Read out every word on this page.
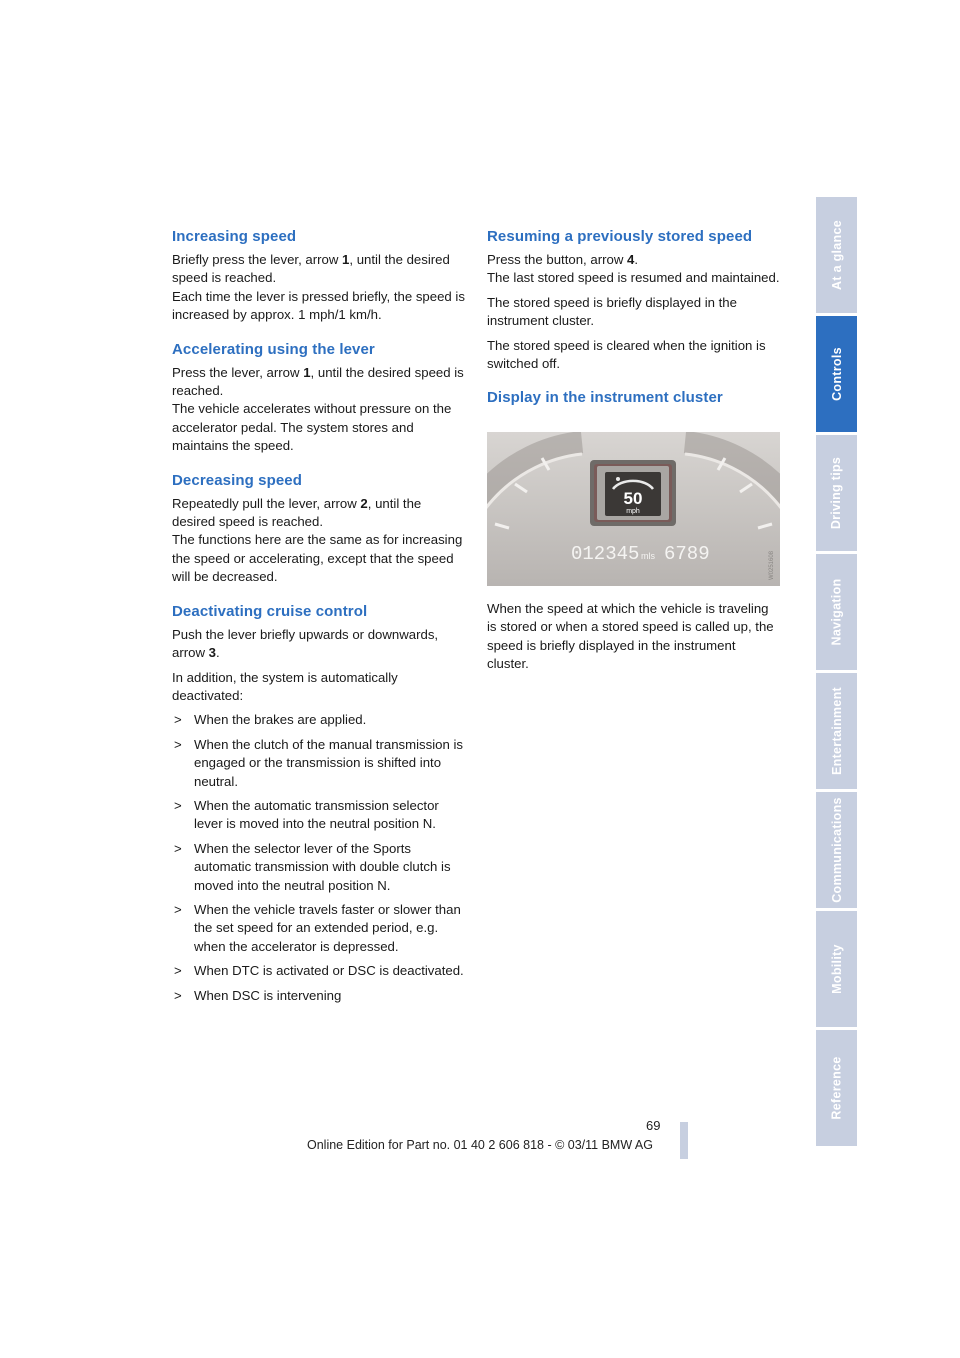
Increasing speed

Briefly press the lever, arrow 1, until the desired speed is reached.

Each time the lever is pressed briefly, the speed is increased by approx. 1 mph/1 km/h.

Accelerating using the lever

Press the lever, arrow 1, until the desired speed is reached.

The vehicle accelerates without pressure on the accelerator pedal. The system stores and maintains the speed.

Decreasing speed

Repeatedly pull the lever, arrow 2, until the desired speed is reached.

The functions here are the same as for increasing the speed or accelerating, except that the speed will be decreased.

Deactivating cruise control

Push the lever briefly upwards or downwards, arrow 3.

In addition, the system is automatically deactivated:

> When the brakes are applied.
> When the clutch of the manual transmission is engaged or the transmission is shifted into neutral.
> When the automatic transmission selector lever is moved into the neutral position N.
> When the selector lever of the Sports automatic transmission with double clutch is moved into the neutral position N.
> When the vehicle travels faster or slower than the set speed for an extended period, e.g. when the accelerator is depressed.
> When DTC is activated or DSC is deactivated.
> When DSC is intervening
Resuming a previously stored speed

Press the button, arrow 4.

The last stored speed is resumed and maintained.

The stored speed is briefly displayed in the instrument cluster.

The stored speed is cleared when the ignition is switched off.

Display in the instrument cluster
50
mph
012345 mls 6789	W0251608

When the speed at which the vehicle is traveling is stored or when a stored speed is called up, the speed is briefly displayed in the instrument cluster.

At a glance
Controls
Driving tips
Navigation
Entertainment
Communications
Mobility
Reference
69
Online Edition for Part no. 01 40 2 606 818 - © 03/11 BMW AG
